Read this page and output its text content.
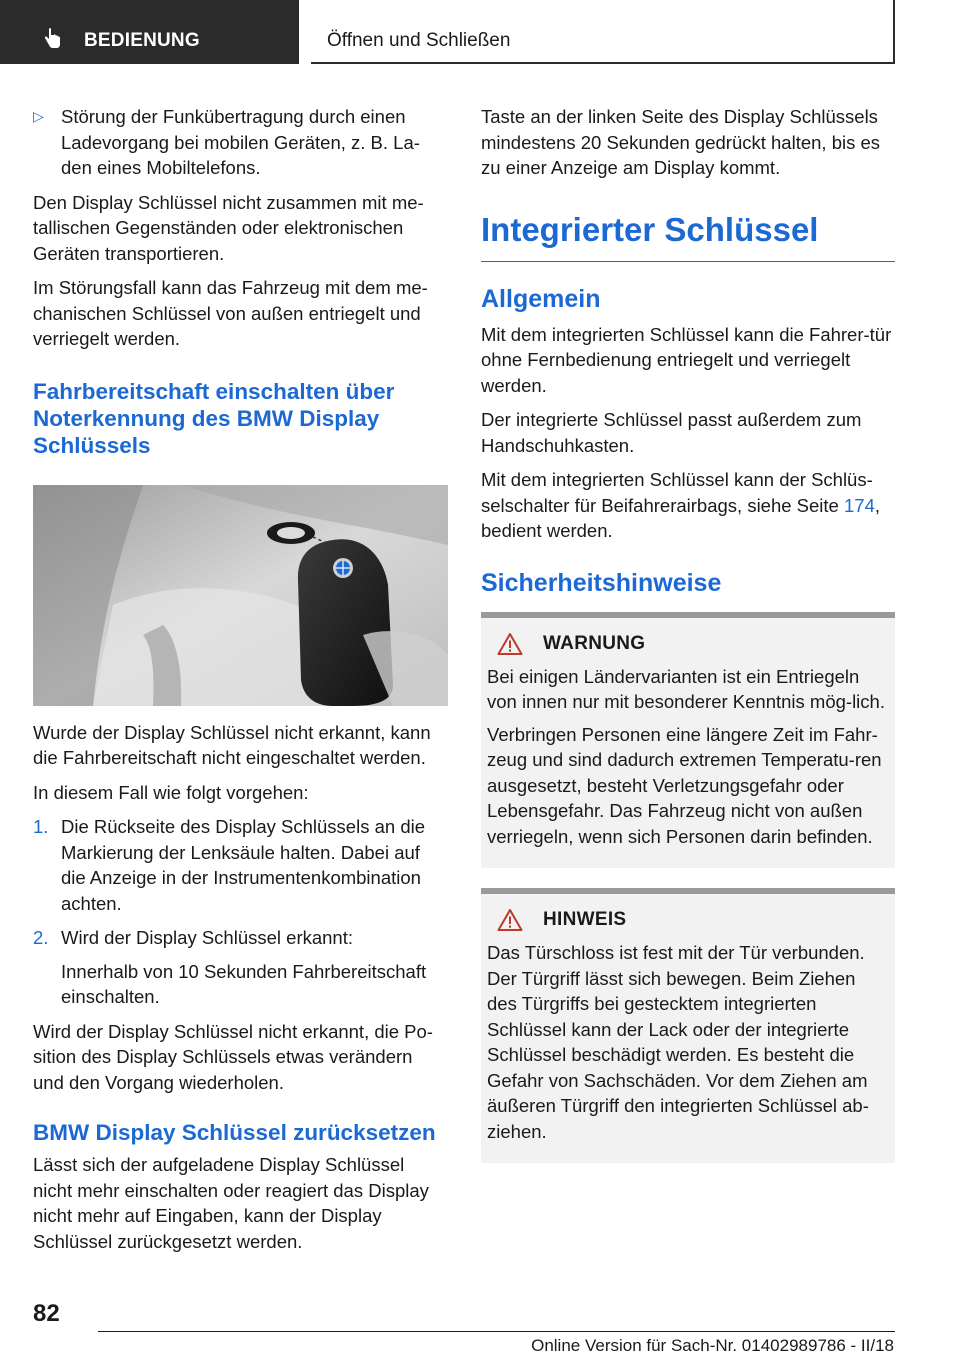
BEDIENUNG	Öffnen und Schließen

▷ Störung der Funkübertragung durch einen Ladevorgang bei mobilen Geräten, z. B. La-den eines Mobiltelefons.

Den Display Schlüssel nicht zusammen mit me-tallischen Gegenständen oder elektronischen Geräten transportieren.

Im Störungsfall kann das Fahrzeug mit dem me-chanischen Schlüssel von außen entriegelt und verriegelt werden.

Fahrbereitschaft einschalten über Noterkennung des BMW Display Schlüssels

Wurde der Display Schlüssel nicht erkannt, kann die Fahrbereitschaft nicht eingeschaltet werden.

In diesem Fall wie folgt vorgehen:

1. Die Rückseite des Display Schlüssels an die Markierung der Lenksäule halten. Dabei auf die Anzeige in der Instrumentenkombination achten.
2. Wird der Display Schlüssel erkannt:
Innerhalb von 10 Sekunden Fahrbereitschaft einschalten.

Wird der Display Schlüssel nicht erkannt, die Po-sition des Display Schlüssels etwas verändern und den Vorgang wiederholen.

BMW Display Schlüssel zurücksetzen

Lässt sich der aufgeladene Display Schlüssel nicht mehr einschalten oder reagiert das Display nicht mehr auf Eingaben, kann der Display Schlüssel zurückgesetzt werden.

Taste an der linken Seite des Display Schlüssels mindestens 20 Sekunden gedrückt halten, bis es zu einer Anzeige am Display kommt.

Integrierter Schlüssel
Allgemein

Mit dem integrierten Schlüssel kann die Fahrer-tür ohne Fernbedienung entriegelt und verriegelt werden.

Der integrierte Schlüssel passt außerdem zum Handschuhkasten.

Mit dem integrierten Schlüssel kann der Schlüs-selschalter für Beifahrerairbags, siehe Seite 174, bedient werden.

Sicherheitshinweise
WARNUNG

Bei einigen Ländervarianten ist ein Entriegeln von innen nur mit besonderer Kenntnis mög-lich.

Verbringen Personen eine längere Zeit im Fahr-zeug und sind dadurch extremen Temperatu-ren ausgesetzt, besteht Verletzungsgefahr oder Lebensgefahr. Das Fahrzeug nicht von außen verriegeln, wenn sich Personen darin befinden.

HINWEIS

Das Türschloss ist fest mit der Tür verbunden. Der Türgriff lässt sich bewegen. Beim Ziehen des Türgriffs bei gestecktem integrierten Schlüssel kann der Lack oder der integrierte Schlüssel beschädigt werden. Es besteht die Gefahr von Sachschäden. Vor dem Ziehen am äußeren Türgriff den integrierten Schlüssel ab-ziehen.

82
Online Version für Sach-Nr. 01402989786 - II/18
